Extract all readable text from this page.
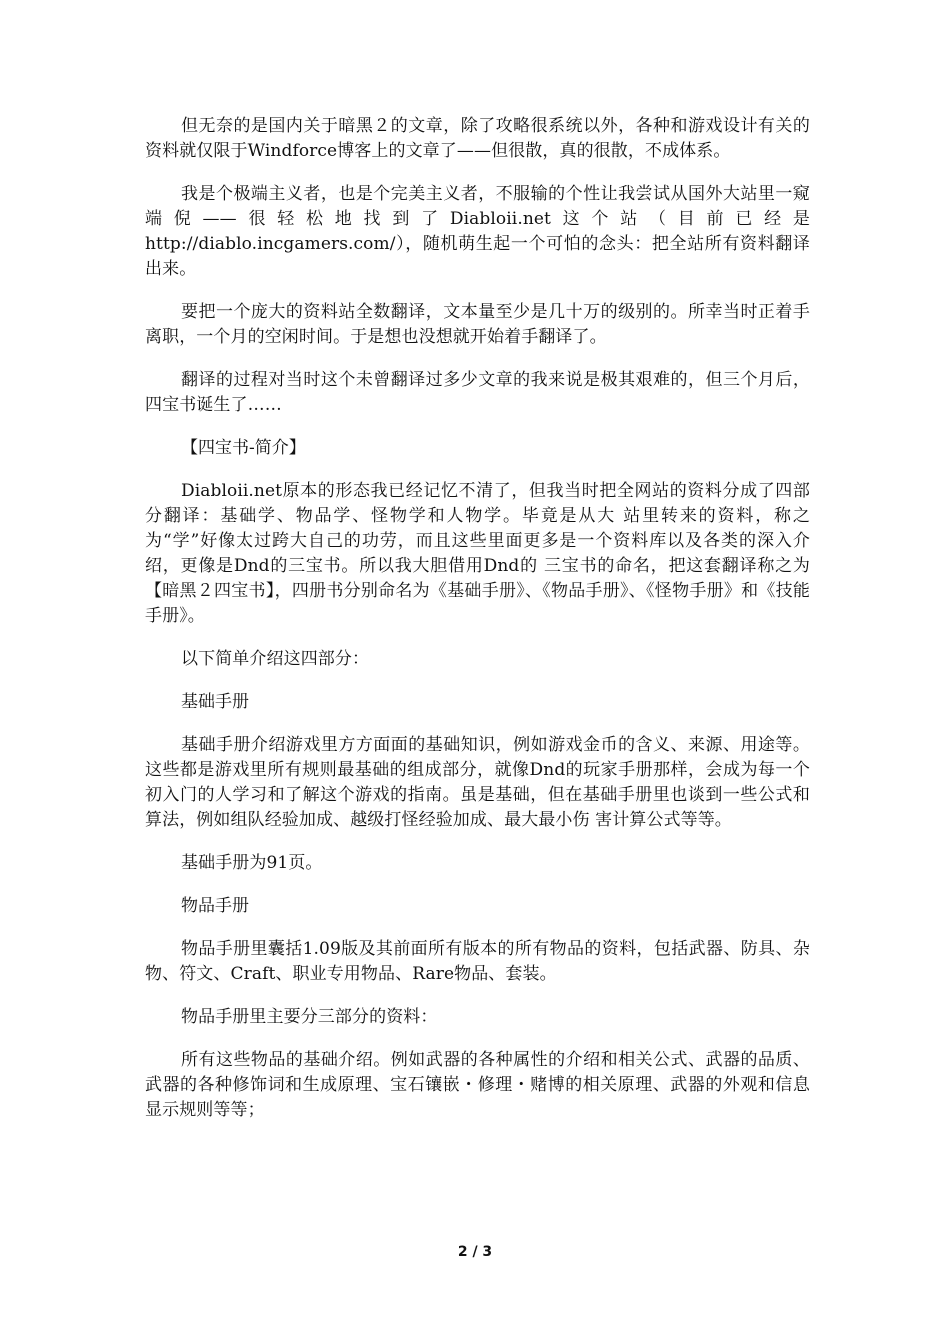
但无奈的是国内关于暗黑２的文章，除了攻略很系统以外，各种和游戏设计有关的资料就仅限于Windforce博客上的文章了——但很散，真的很散，不成体系。

我是个极端主义者，也是个完美主义者，不服输的个性让我尝试从国外大站里一窥端倪——很轻松地找到了Diabloii.net这个站（目前已经是http://diablo.incgamers.com/），随机萌生起一个可怕的念头：把全站所有资料翻译出来。

要把一个庞大的资料站全数翻译，文本量至少是几十万的级别的。所幸当时正着手离职，一个月的空闲时间。于是想也没想就开始着手翻译了。

翻译的过程对当时这个未曾翻译过多少文章的我来说是极其艰难的，但三个月后，四宝书诞生了……

【四宝书-简介】

Diabloii.net原本的形态我已经记忆不清了，但我当时把全网站的资料分成了四部分翻译：基础学、物品学、怪物学和人物学。毕竟是从大 站里转来的资料，称之为“学”好像太过跨大自己的功劳，而且这些里面更多是一个资料库以及各类的深入介绍，更像是Dnd的三宝书。所以我大胆借用Dnd的 三宝书的命名，把这套翻译称之为【暗黑２四宝书】，四册书分别命名为《基础手册》、《物品手册》、《怪物手册》和《技能手册》。

以下简单介绍这四部分：

基础手册

基础手册介绍游戏里方方面面的基础知识，例如游戏金币的含义、来源、用途等。这些都是游戏里所有规则最基础的组成部分，就像Dnd的玩家手册那样，会成为每一个初入门的人学习和了解这个游戏的指南。虽是基础，但在基础手册里也谈到一些公式和算法，例如组队经验加成、越级打怪经验加成、最大最小伤 害计算公式等等。

基础手册为91页。

物品手册

物品手册里囊括1.09版及其前面所有版本的所有物品的资料，包括武器、防具、杂物、符文、Craft、职业专用物品、Rare物品、套装。

物品手册里主要分三部分的资料：

所有这些物品的基础介绍。例如武器的各种属性的介绍和相关公式、武器的品质、武器的各种修饰词和生成原理、宝石镶嵌・修理・赌博的相关原理、武器的外观和信息显示规则等等；

2 / 3
